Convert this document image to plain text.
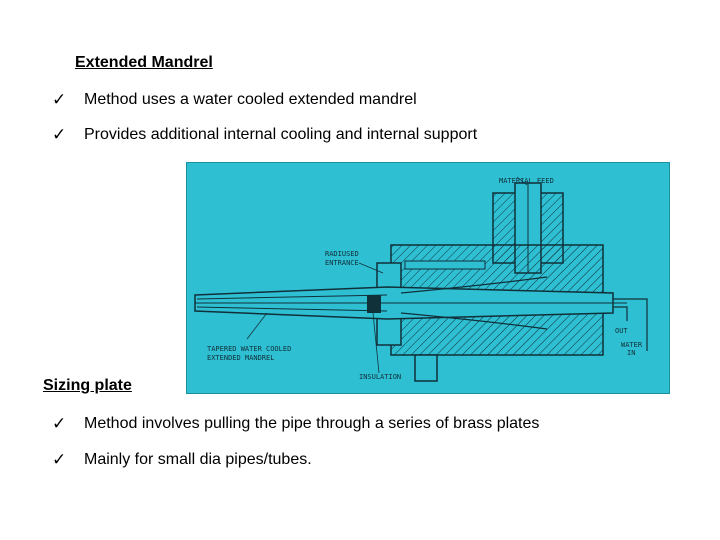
Extended Mandrel
✓ Method uses a water cooled extended mandrel
✓ Provides additional internal cooling and internal support
MATERIAL FEED
RADIUSED
ENTRANCE
OUT
WATER
IN
TAPERED WATER COOLED
EXTENDED MANDREL
INSULATION
Sizing plate
✓ Method involves pulling the pipe through a series of brass plates
✓ Mainly for small dia pipes/tubes.
